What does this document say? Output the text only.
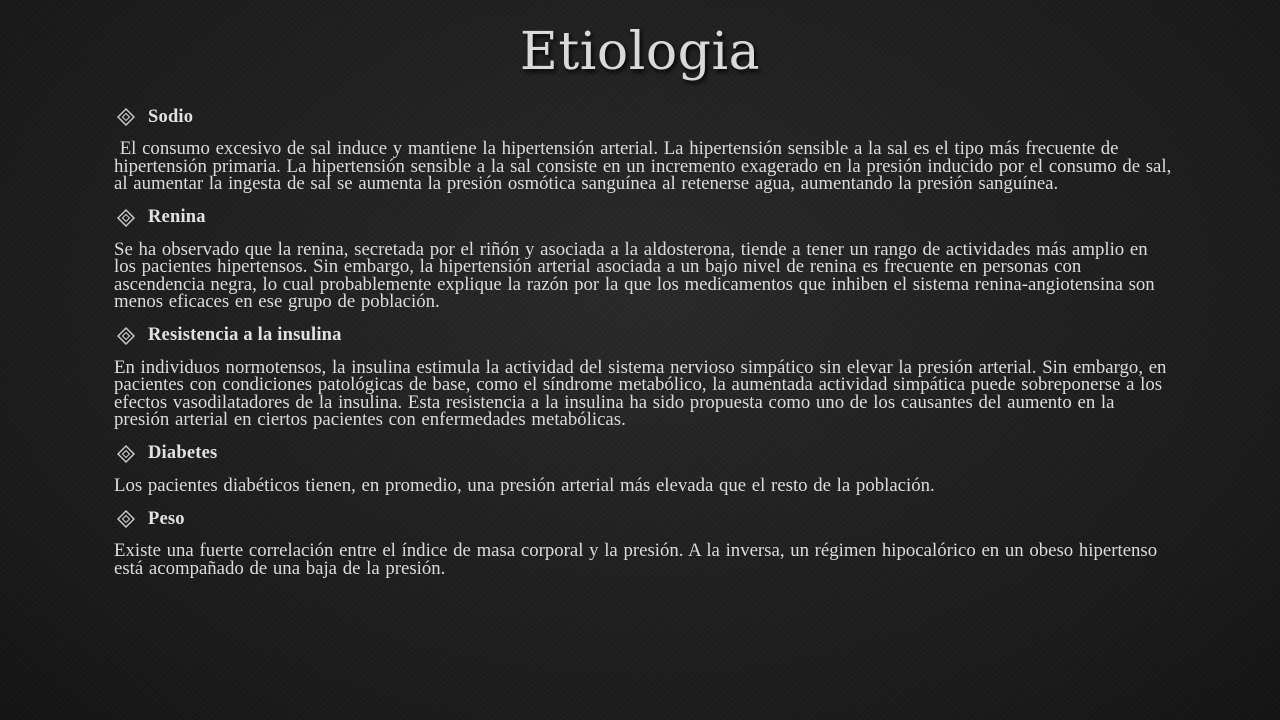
Etiologia
Sodio

El consumo excesivo de sal induce y mantiene la hipertensión arterial. La hipertensión sensible a la sal es el tipo más frecuente de hipertensión primaria. La hipertensión sensible a la sal consiste en un incremento exagerado en la presión inducido por el consumo de sal, al aumentar la ingesta de sal se aumenta la presión osmótica sanguínea al retenerse agua, aumentando la presión sanguínea.

Renina

Se ha observado que la renina, secretada por el riñón y asociada a la aldosterona, tiende a tener un rango de actividades más amplio en los pacientes hipertensos. Sin embargo, la hipertensión arterial asociada a un bajo nivel de renina es frecuente en personas con ascendencia negra, lo cual probablemente explique la razón por la que los medicamentos que inhiben el sistema renina-angiotensina son menos eficaces en ese grupo de población.

Resistencia a la insulina

En individuos normotensos, la insulina estimula la actividad del sistema nervioso simpático sin elevar la presión arterial. Sin embargo, en pacientes con condiciones patológicas de base, como el síndrome metabólico, la aumentada actividad simpática puede sobreponerse a los efectos vasodilatadores de la insulina. Esta resistencia a la insulina ha sido propuesta como uno de los causantes del aumento en la presión arterial en ciertos pacientes con enfermedades metabólicas.

Diabetes

Los pacientes diabéticos tienen, en promedio, una presión arterial más elevada que el resto de la población.

Peso

Existe una fuerte correlación entre el índice de masa corporal y la presión. A la inversa, un régimen hipocalórico en un obeso hipertenso está acompañado de una baja de la presión.
